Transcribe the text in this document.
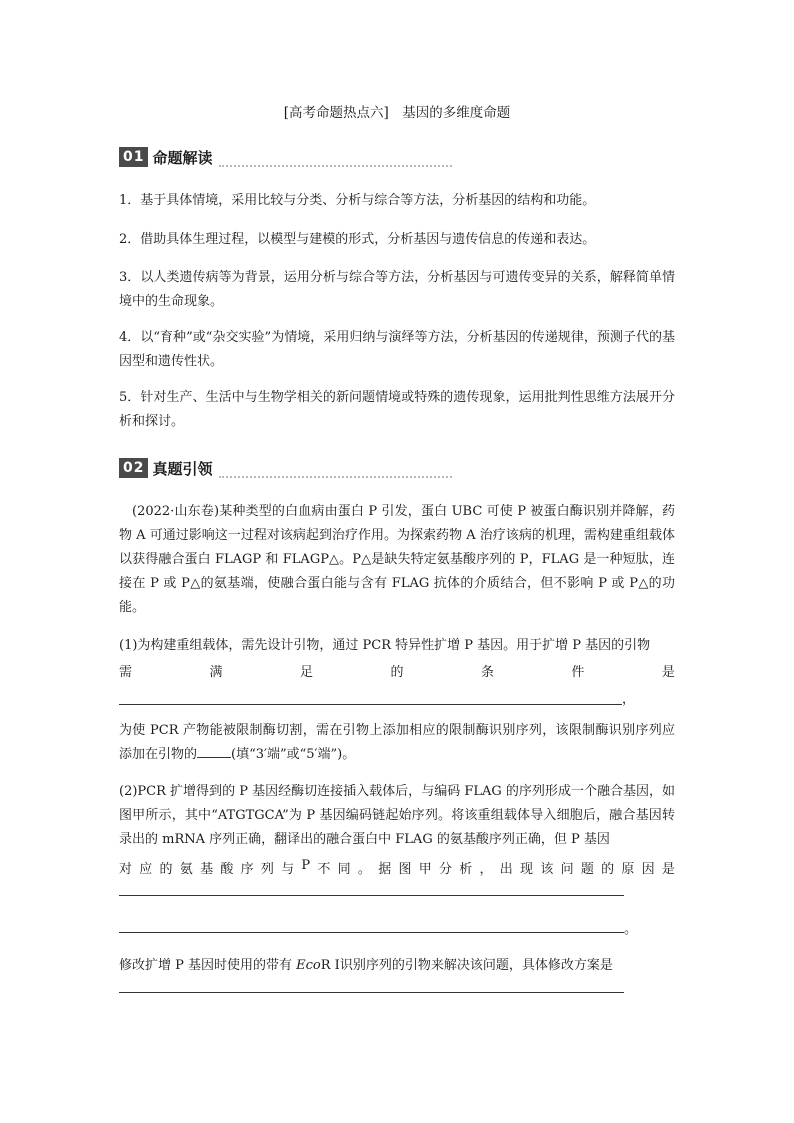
[高考命题热点六]　基因的多维度命题
01 命题解读
1．基于具体情境，采用比较与分类、分析与综合等方法，分析基因的结构和功能。
2．借助具体生理过程，以模型与建模的形式，分析基因与遗传信息的传递和表达。
3．以人类遗传病等为背景，运用分析与综合等方法，分析基因与可遗传变异的关系，解释简单情境中的生命现象。
4．以“育种”或“杂交实验”为情境，采用归纳与演绎等方法，分析基因的传递规律，预测子代的基因型和遗传性状。
5．针对生产、生活中与生物学相关的新问题情境或特殊的遗传现象，运用批判性思维方法展开分析和探讨。
02 真题引领
(2022·山东卷)某种类型的白血病由蛋白 P 引发，蛋白 UBC 可使 P 被蛋白酶识别并降解，药物 A 可通过影响这一过程对该病起到治疗作用。为探索药物 A 治疗该病的机理，需构建重组载体以获得融合蛋白 FLAGP 和 FLAGP△。P△是缺失特定氨基酸序列的 P，FLAG 是一种短肽，连接在 P 或 P△的氨基端，使融合蛋白能与含有 FLAG 抗体的介质结合，但不影响 P 或 P△的功能。
(1)为构建重组载体，需先设计引物，通过 PCR 特异性扩增 P 基因。用于扩增 P 基因的引物
需	满	足	的	条	件	是
，
为使 PCR 产物能被限制酶切割，需在引物上添加相应的限制酶识别序列，该限制酶识别序列应添加在引物的	(填“3′端”或“5′端”)。
(2)PCR 扩增得到的 P 基因经酶切连接插入载体后，与编码 FLAG 的序列形成一个融合基因，如图甲所示，其中“ATGTGCA”为 P 基因编码链起始序列。将该重组载体导入细胞后，融合基因转录出的 mRNA 序列正确，翻译出的融合蛋白中 FLAG 的氨基酸序列正确，但 P 基因
对 应 的 氨 基 酸 序 列 与 P 不 同 。 据 图 甲 分 析 ， 出 现 该 问 题 的 原 因 是
。
修改扩增 P 基因时使用的带有 EcoR Ⅰ识别序列的引物来解决该问题，具体修改方案是
